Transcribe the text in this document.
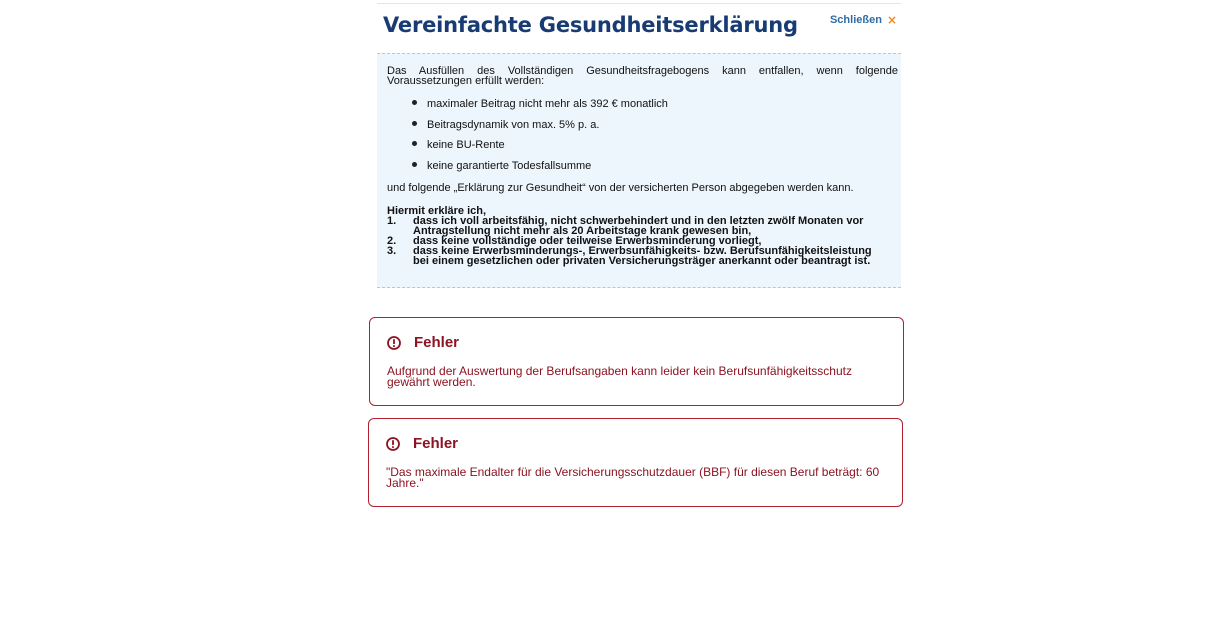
Vereinfachte Gesundheitserklärung	Schließen ×

Das Ausfüllen des Vollständigen Gesundheitsfragebogens kann entfallen, wenn folgende Voraussetzungen erfüllt werden:

maximaler Beitrag nicht mehr als 392 € monatlich
Beitragsdynamik von max. 5% p. a.
keine BU-Rente
keine garantierte Todesfallsumme

und folgende „Erklärung zur Gesundheit“ von der versicherten Person abgegeben werden kann.

Hiermit erkläre ich,

1.	dass ich voll arbeitsfähig, nicht schwerbehindert und in den letzten zwölf Monaten vor Antragstellung nicht mehr als 20 Arbeitstage krank gewesen bin,
2.	dass keine vollständige oder teilweise Erwerbsminderung vorliegt,
3.	dass keine Erwerbsminderungs-, Erwerbsunfähigkeits- bzw. Berufsunfähigkeitsleistung bei einem gesetzlichen oder privaten Versicherungsträger anerkannt oder beantragt ist.
Fehler
Aufgrund der Auswertung der Berufsangaben kann leider kein Berufsunfähigkeitsschutz gewährt werden.
Fehler
"Das maximale Endalter für die Versicherungsschutzdauer (BBF) für diesen Beruf beträgt: 60 Jahre."
